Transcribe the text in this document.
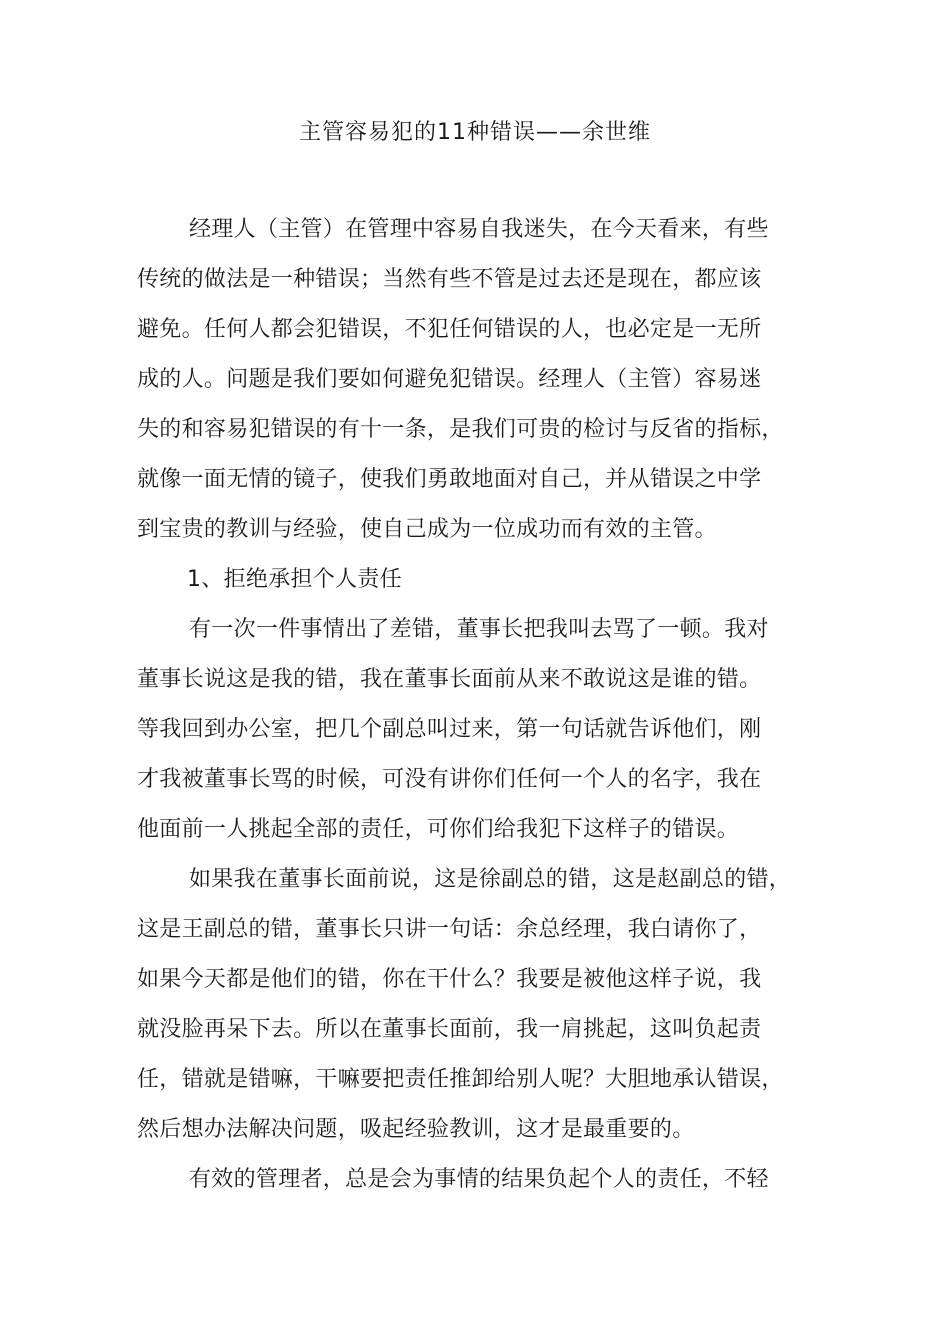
主管容易犯的11种错误——余世维
经理人（主管）在管理中容易自我迷失，在今天看来，有些
传统的做法是一种错误；当然有些不管是过去还是现在，都应该
避免。任何人都会犯错误，不犯任何错误的人，也必定是一无所
成的人。问题是我们要如何避免犯错误。经理人（主管）容易迷
失的和容易犯错误的有十一条，是我们可贵的检讨与反省的指标，
就像一面无情的镜子，使我们勇敢地面对自己，并从错误之中学
到宝贵的教训与经验，使自己成为一位成功而有效的主管。
1、拒绝承担个人责任
有一次一件事情出了差错，董事长把我叫去骂了一顿。我对
董事长说这是我的错，我在董事长面前从来不敢说这是谁的错。
等我回到办公室，把几个副总叫过来，第一句话就告诉他们，刚
才我被董事长骂的时候，可没有讲你们任何一个人的名字，我在
他面前一人挑起全部的责任，可你们给我犯下这样子的错误。
如果我在董事长面前说，这是徐副总的错，这是赵副总的错，
这是王副总的错，董事长只讲一句话：余总经理，我白请你了，
如果今天都是他们的错，你在干什么？我要是被他这样子说，我
就没脸再呆下去。所以在董事长面前，我一肩挑起，这叫负起责
任，错就是错嘛，干嘛要把责任推卸给别人呢？大胆地承认错误，
然后想办法解决问题，吸起经验教训，这才是最重要的。
有效的管理者，总是会为事情的结果负起个人的责任，不轻
